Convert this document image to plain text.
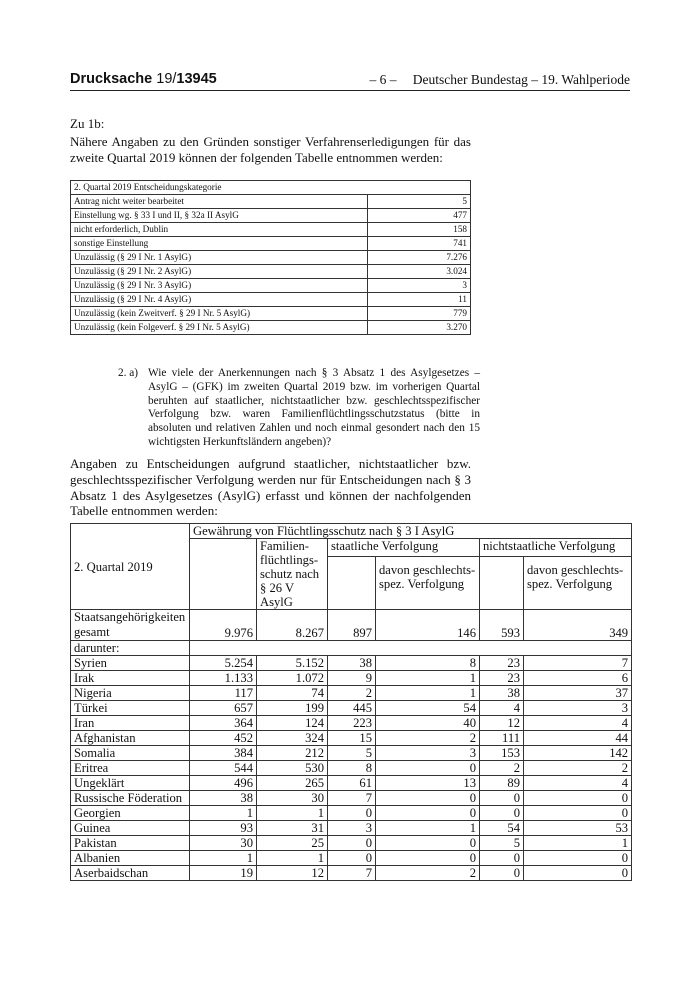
Drucksache 19/13945	– 6 –	Deutscher Bundestag – 19. Wahlperiode
Zu 1b:

Nähere Angaben zu den Gründen sonstiger Verfahrenserledigungen für das zweite Quartal 2019 können der folgenden Tabelle entnommen werden:

2. Quartal 2019 Entscheidungskategorie	
Antrag nicht weiter bearbeitet	5
Einstellung wg. § 33 I und II, § 32a II AsylG	477
nicht erforderlich, Dublin	158
sonstige Einstellung	741
Unzulässig (§ 29 I Nr. 1 AsylG)	7.276
Unzulässig (§ 29 I Nr. 2 AsylG)	3.024
Unzulässig (§ 29 I Nr. 3 AsylG)	3
Unzulässig (§ 29 I Nr. 4 AsylG)	11
Unzulässig (kein Zweitverf. § 29 I Nr. 5 AsylG)	779
Unzulässig (kein Folgeverf. § 29 I Nr. 5 AsylG)	3.270
2. a) Wie viele der Anerkennungen nach § 3 Absatz 1 des Asylgesetzes – AsylG – (GFK) im zweiten Quartal 2019 bzw. im vorherigen Quartal beruhten auf staatlicher, nichtstaatlicher bzw. geschlechtsspezifischer Verfolgung bzw. waren Familienflüchtlingsschutzstatus (bitte in absoluten und relativen Zahlen und noch einmal gesondert nach den 15 wichtigsten Herkunftsländern angeben)?

Angaben zu Entscheidungen aufgrund staatlicher, nichtstaatlicher bzw. geschlechtsspezifischer Verfolgung werden nur für Entscheidungen nach § 3 Absatz 1 des Asylgesetzes (AsylG) erfasst und können der nachfolgenden Tabelle entnommen werden:

2. Quartal 2019	Gewährung von Flüchtlingsschutz nach § 3 I AsylG					
		Familien-flüchtlings-schutz nach § 26 V AsylG	staatliche Verfolgung		nichtstaatliche Verfolgung	
				davon geschlechts-spez. Verfolgung		davon geschlechts-spez. Verfolgung
Staatsangehörigkeiten gesamt	9.976	8.267	897	146	593	349
darunter:						
Syrien	5.254	5.152	38	8	23	7
Irak	1.133	1.072	9	1	23	6
Nigeria	117	74	2	1	38	37
Türkei	657	199	445	54	4	3
Iran	364	124	223	40	12	4
Afghanistan	452	324	15	2	111	44
Somalia	384	212	5	3	153	142
Eritrea	544	530	8	0	2	2
Ungeklärt	496	265	61	13	89	4
Russische Föderation	38	30	7	0	0	0
Georgien	1	1	0	0	0	0
Guinea	93	31	3	1	54	53
Pakistan	30	25	0	0	5	1
Albanien	1	1	0	0	0	0
Aserbaidschan	19	12	7	2	0	0
